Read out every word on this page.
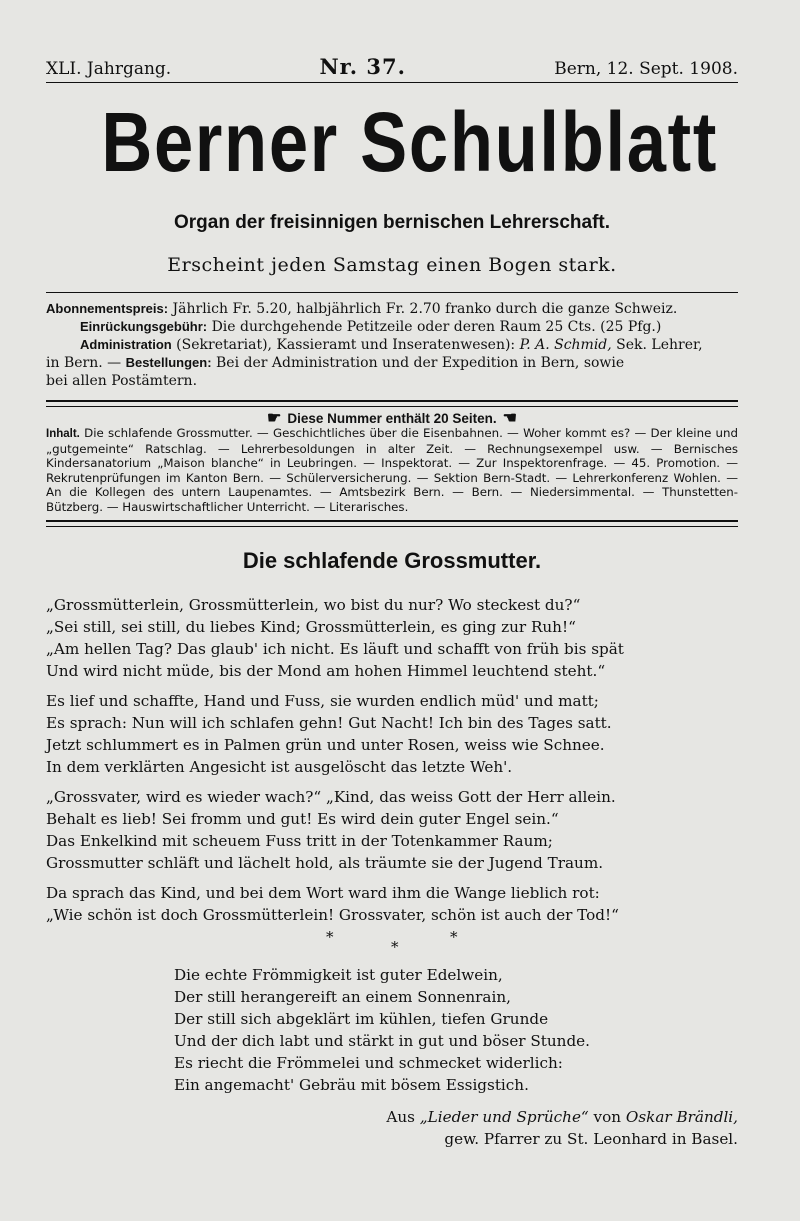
XLI. Jahrgang.	Nr. 37.	Bern, 12. Sept. 1908.
Berner Schulblatt
Organ der freisinnigen bernischen Lehrerschaft.
Erscheint jeden Samstag einen Bogen stark.

Abonnementspreis: Jährlich Fr. 5.20, halbjährlich Fr. 2.70 franko durch die ganze Schweiz.

Einrückungsgebühr: Die durchgehende Petitzeile oder deren Raum 25 Cts. (25 Pfg.)

Administration (Sekretariat), Kassieramt und Inseratenwesen): P. A. Schmid, Sek. Lehrer,

in Bern. — Bestellungen: Bei der Administration und der Expedition in Bern, sowie

bei allen Postämtern.

☛ Diese Nummer enthält 20 Seiten. ☚
Inhalt. Die schlafende Grossmutter. — Geschichtliches über die Eisenbahnen. — Woher kommt es? — Der kleine und „gutgemeinte“ Ratschlag. — Lehrerbesoldungen in alter Zeit. — Rechnungsexempel usw. — Bernisches Kindersanatorium „Maison blanche“ in Leubringen. — Inspektorat. — Zur Inspektorenfrage. — 45. Promotion. — Rekrutenprüfungen im Kanton Bern. — Schülerversicherung. — Sektion Bern-Stadt. — Lehrerkonferenz Wohlen. — An die Kollegen des untern Laupenamtes. — Amtsbezirk Bern. — Bern. — Niedersimmental. — Thunstetten-Bützberg. — Hauswirtschaftlicher Unterricht. — Literarisches.
Die schlafende Grossmutter.
„Grossmütterlein, Grossmütterlein, wo bist du nur? Wo steckest du?“
„Sei still, sei still, du liebes Kind; Grossmütterlein, es ging zur Ruh!“
„Am hellen Tag? Das glaub' ich nicht. Es läuft und schafft von früh bis spät
Und wird nicht müde, bis der Mond am hohen Himmel leuchtend steht.“
Es lief und schaffte, Hand und Fuss, sie wurden endlich müd' und matt;
Es sprach: Nun will ich schlafen gehn! Gut Nacht! Ich bin des Tages satt.
Jetzt schlummert es in Palmen grün und unter Rosen, weiss wie Schnee.
In dem verklärten Angesicht ist ausgelöscht das letzte Weh'.
„Grossvater, wird es wieder wach?“ „Kind, das weiss Gott der Herr allein.
Behalt es lieb! Sei fromm und gut! Es wird dein guter Engel sein.“
Das Enkelkind mit scheuem Fuss tritt in der Totenkammer Raum;
Grossmutter schläft und lächelt hold, als träumte sie der Jugend Traum.
Da sprach das Kind, und bei dem Wort ward ihm die Wange lieblich rot:
„Wie schön ist doch Grossmütterlein! Grossvater, schön ist auch der Tod!“
*
*
*
Die echte Frömmigkeit ist guter Edelwein,
Der still herangereift an einem Sonnenrain,
Der still sich abgeklärt im kühlen, tiefen Grunde
Und der dich labt und stärkt in gut und böser Stunde.
Es riecht die Frömmelei und schmecket widerlich:
Ein angemacht' Gebräu mit bösem Essigstich.
Aus „Lieder und Sprüche“ von Oskar Brändli,
gew. Pfarrer zu St. Leonhard in Basel.
